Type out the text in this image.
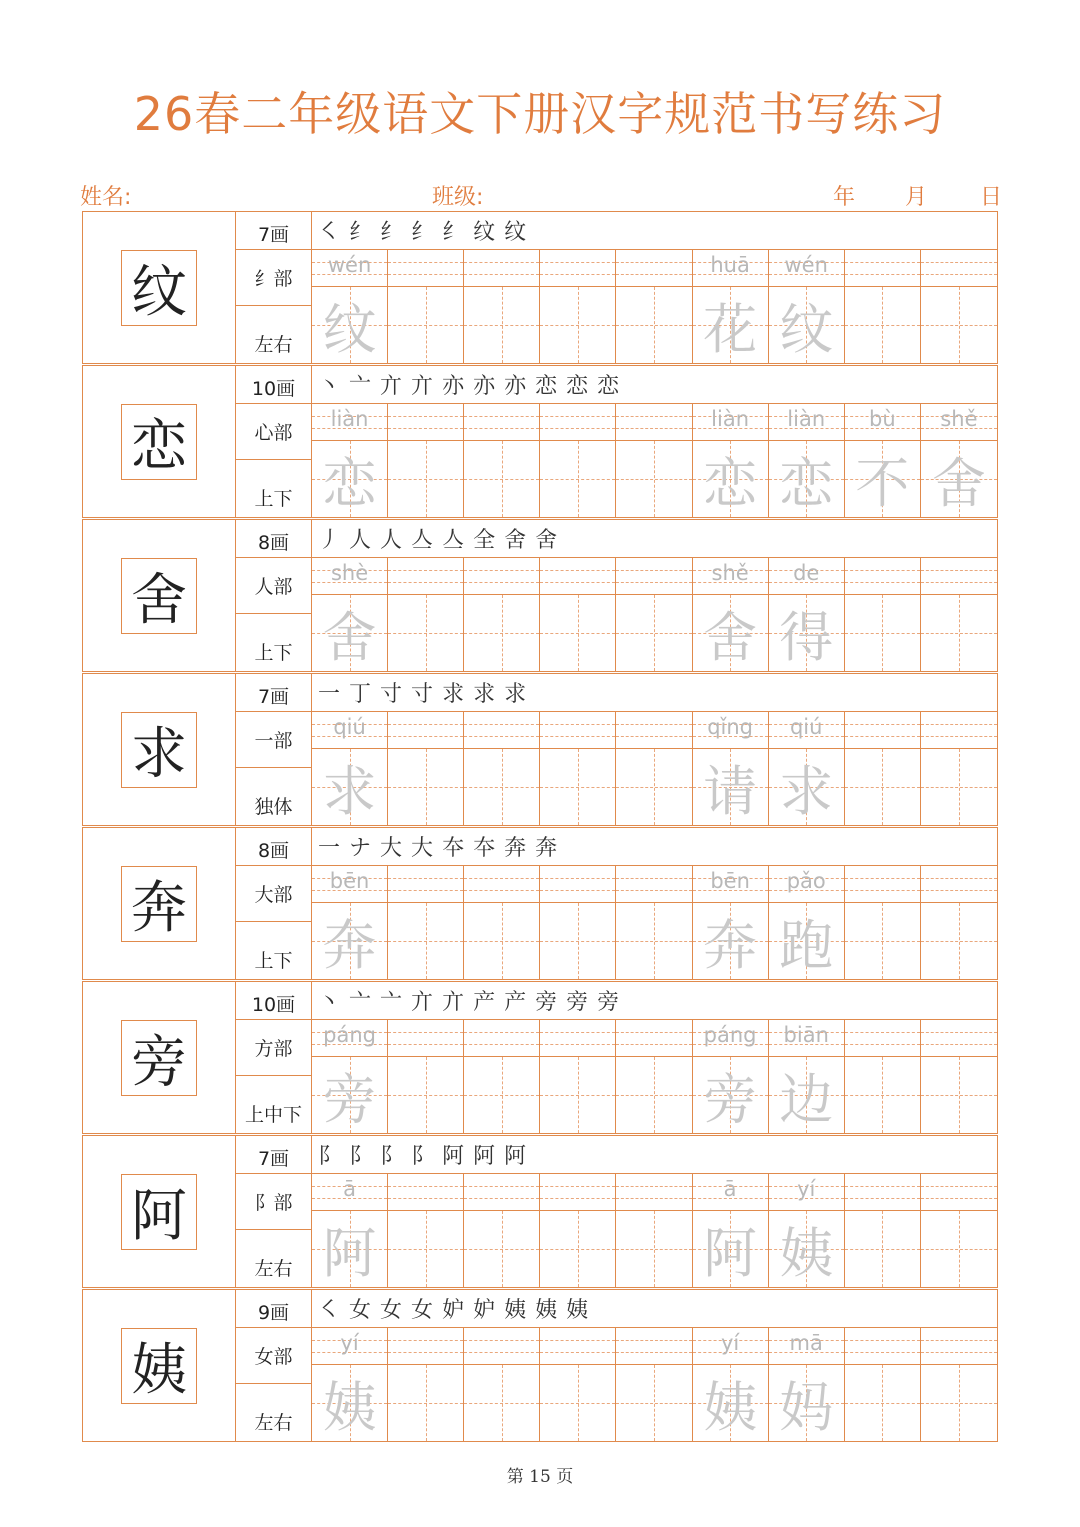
26春二年级语文下册汉字规范书写练习
姓名:	班级:	年 月 日
纹
7画
纟部
左右
㇛ 纟 纟 纟 纟 纹 纹
wén
纹
huā
花
wén
纹
恋
10画
心部
上下
丶 亠 亣 亣 亦 亦 亦 恋 恋 恋
liàn
恋
liàn
恋
liàn
恋
bù
不
shě
舍
舍
8画
人部
上下
丿 人 人 亼 亼 全 舍 舍
shè
舍
shě
舍
de
得
求
7画
一部
独体
一 丁 寸 寸 求 求 求
qiú
求
qǐng
请
qiú
求
奔
8画
大部
上下
一 ナ 大 大 夲 夲 奔 奔
bēn
奔
bēn
奔
pǎo
跑
旁
10画
方部
上中下
丶 亠 亠 亣 亣 产 产 旁 旁 旁
páng
旁
páng
旁
biān
边
阿
7画
阝部
左右
阝 阝 阝 阝 阿 阿 阿
ā
阿
ā
阿
yí
姨
姨
9画
女部
左右
㇛ 女 女 女 妒 妒 姨 姨 姨
yí
姨
yí
姨
mā
妈
第 15 页
